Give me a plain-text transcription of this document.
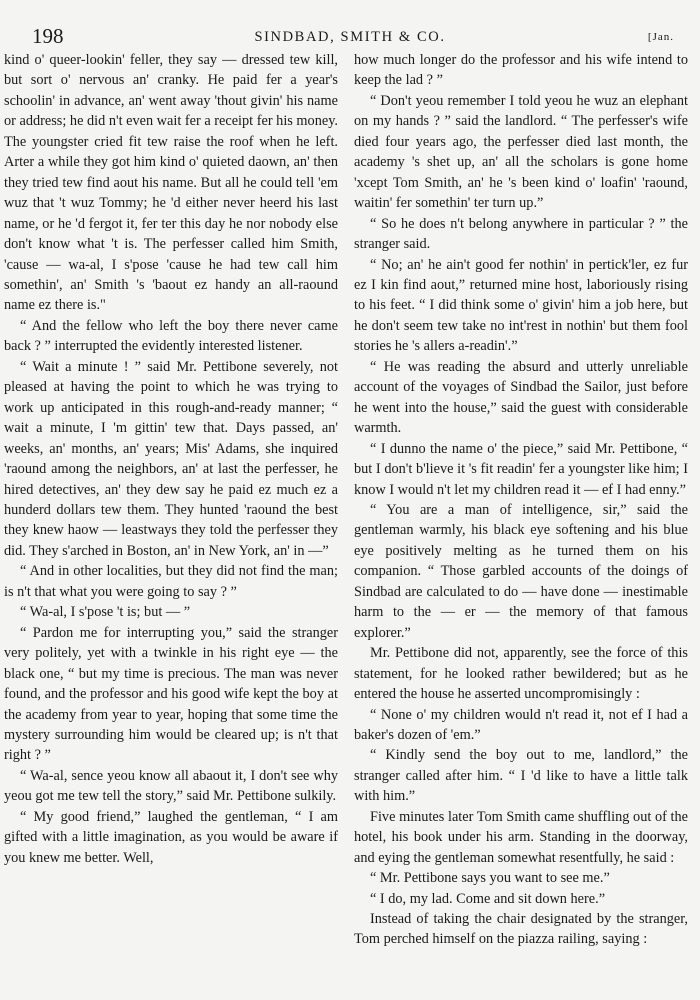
198	SINDBAD, SMITH & CO.	[Jan.

kind o' queer-lookin' feller, they say — dressed tew kill, but sort o' nervous an' cranky. He paid fer a year's schoolin' in advance, an' went away 'thout givin' his name or address; he did n't even wait fer a receipt fer his money. The youngster cried fit tew raise the roof when he left. Arter a while they got him kind o' quieted daown, an' then they tried tew find aout his name. But all he could tell 'em wuz that 't wuz Tommy; he 'd either never heerd his last name, or he 'd fergot it, fer ter this day he nor nobody else don't know what 't is. The perfesser called him Smith, 'cause — wa-al, I s'pose 'cause he had tew call him somethin', an' Smith 's 'baout ez handy an all-raound name ez there is."

“ And the fellow who left the boy there never came back ? ” interrupted the evidently interested listener.

“ Wait a minute ! ” said Mr. Pettibone severely, not pleased at having the point to which he was trying to work up anticipated in this rough-and-ready manner; “ wait a minute, I 'm gittin' tew that. Days passed, an' weeks, an' months, an' years; Mis' Adams, she inquired 'raound among the neighbors, an' at last the perfesser, he hired detectives, an' they dew say he paid ez much ez a hunderd dollars tew them. They hunted 'raound the best they knew haow — leastways they told the perfesser they did. They s'arched in Boston, an' in New York, an' in —”

“ And in other localities, but they did not find the man; is n't that what you were going to say ? ”

“ Wa-al, I s'pose 't is; but — ”

“ Pardon me for interrupting you,” said the stranger very politely, yet with a twinkle in his right eye — the black one, “ but my time is precious. The man was never found, and the professor and his good wife kept the boy at the academy from year to year, hoping that some time the mystery surrounding him would be cleared up; is n't that right ? ”

“ Wa-al, sence yeou know all abaout it, I don't see why yeou got me tew tell the story,” said Mr. Pettibone sulkily.

“ My good friend,” laughed the gentleman, “ I am gifted with a little imagination, as you would be aware if you knew me better. Well,

how much longer do the professor and his wife intend to keep the lad ? ”

“ Don't yeou remember I told yeou he wuz an elephant on my hands ? ” said the landlord. “ The perfesser's wife died four years ago, the perfesser died last month, the academy 's shet up, an' all the scholars is gone home 'xcept Tom Smith, an' he 's been kind o' loafin' 'raound, waitin' fer somethin' ter turn up.”

“ So he does n't belong anywhere in particular ? ” the stranger said.

“ No; an' he ain't good fer nothin' in pertick'ler, ez fur ez I kin find aout,” returned mine host, laboriously rising to his feet. “ I did think some o' givin' him a job here, but he don't seem tew take no int'rest in nothin' but them fool stories he 's allers a-readin'.”

“ He was reading the absurd and utterly unreliable account of the voyages of Sindbad the Sailor, just before he went into the house,” said the guest with considerable warmth.

“ I dunno the name o' the piece,” said Mr. Pettibone, “ but I don't b'lieve it 's fit readin' fer a youngster like him; I know I would n't let my children read it — ef I had enny.”

“ You are a man of intelligence, sir,” said the gentleman warmly, his black eye softening and his blue eye positively melting as he turned them on his companion. “ Those garbled accounts of the doings of Sindbad are calculated to do — have done — inestimable harm to the — er — the memory of that famous explorer.”

Mr. Pettibone did not, apparently, see the force of this statement, for he looked rather bewildered; but as he entered the house he asserted uncompromisingly :

“ None o' my children would n't read it, not ef I had a baker's dozen of 'em.”

“ Kindly send the boy out to me, landlord,” the stranger called after him. “ I 'd like to have a little talk with him.”

Five minutes later Tom Smith came shuffling out of the hotel, his book under his arm. Standing in the doorway, and eying the gentleman somewhat resentfully, he said :

“ Mr. Pettibone says you want to see me.”

“ I do, my lad. Come and sit down here.”

Instead of taking the chair designated by the stranger, Tom perched himself on the piazza railing, saying :
